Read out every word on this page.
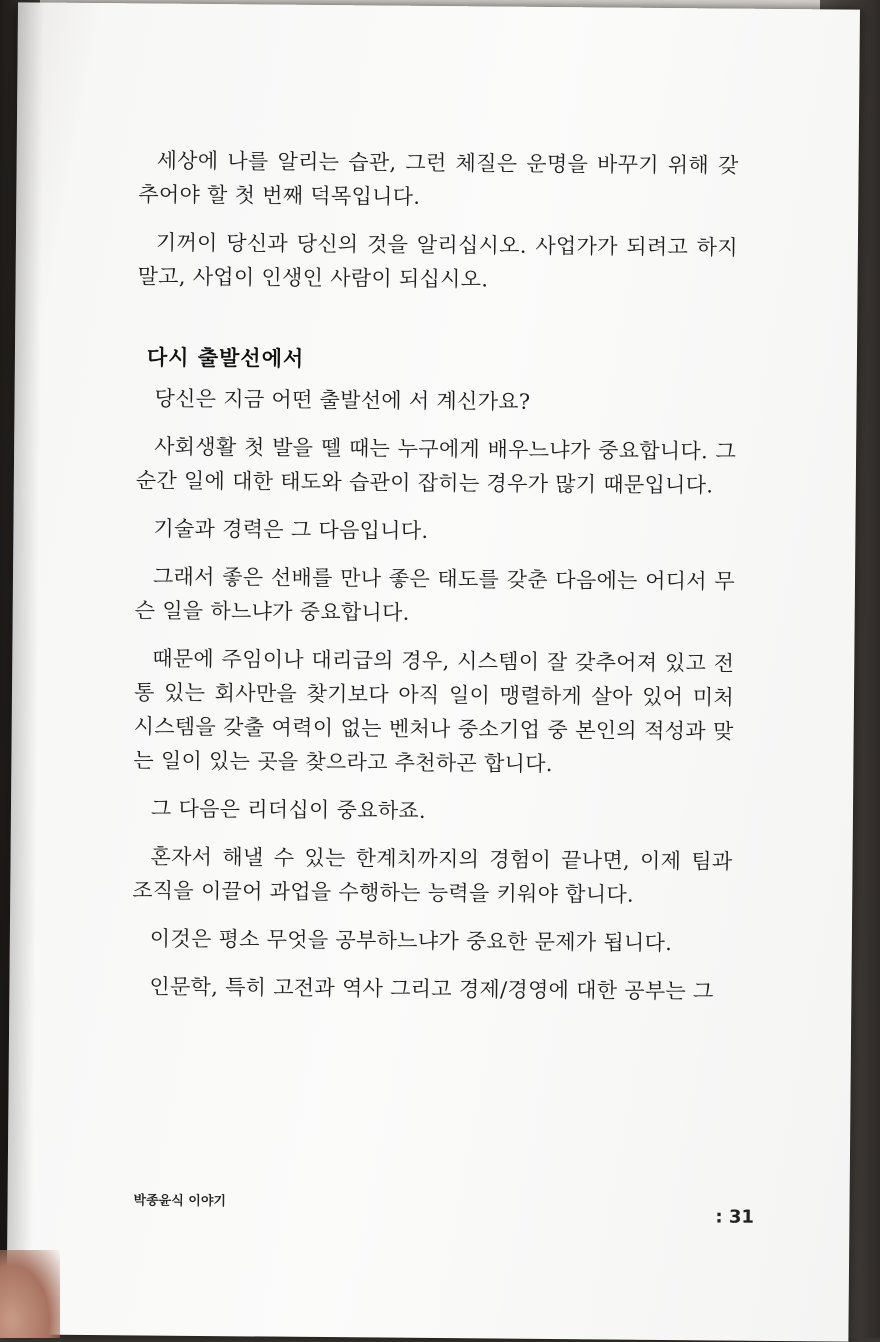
세상에 나를 알리는 습관, 그런 체질은 운명을 바꾸기 위해 갖추어야 할 첫 번째 덕목입니다.

기꺼이 당신과 당신의 것을 알리십시오. 사업가가 되려고 하지 말고, 사업이 인생인 사람이 되십시오.

다시 출발선에서

당신은 지금 어떤 출발선에 서 계신가요?

사회생활 첫 발을 뗄 때는 누구에게 배우느냐가 중요합니다. 그 순간 일에 대한 태도와 습관이 잡히는 경우가 많기 때문입니다.

기술과 경력은 그 다음입니다.

그래서 좋은 선배를 만나 좋은 태도를 갖춘 다음에는 어디서 무슨 일을 하느냐가 중요합니다.

때문에 주임이나 대리급의 경우, 시스템이 잘 갖추어져 있고 전통 있는 회사만을 찾기보다 아직 일이 맹렬하게 살아 있어 미처 시스템을 갖출 여력이 없는 벤처나 중소기업 중 본인의 적성과 맞는 일이 있는 곳을 찾으라고 추천하곤 합니다.

그 다음은 리더십이 중요하죠.

혼자서 해낼 수 있는 한계치까지의 경험이 끝나면, 이제 팀과 조직을 이끌어 과업을 수행하는 능력을 키워야 합니다.

이것은 평소 무엇을 공부하느냐가 중요한 문제가 됩니다.

인문학, 특히 고전과 역사 그리고 경제/경영에 대한 공부는 그

박종윤식 이야기
: 31
